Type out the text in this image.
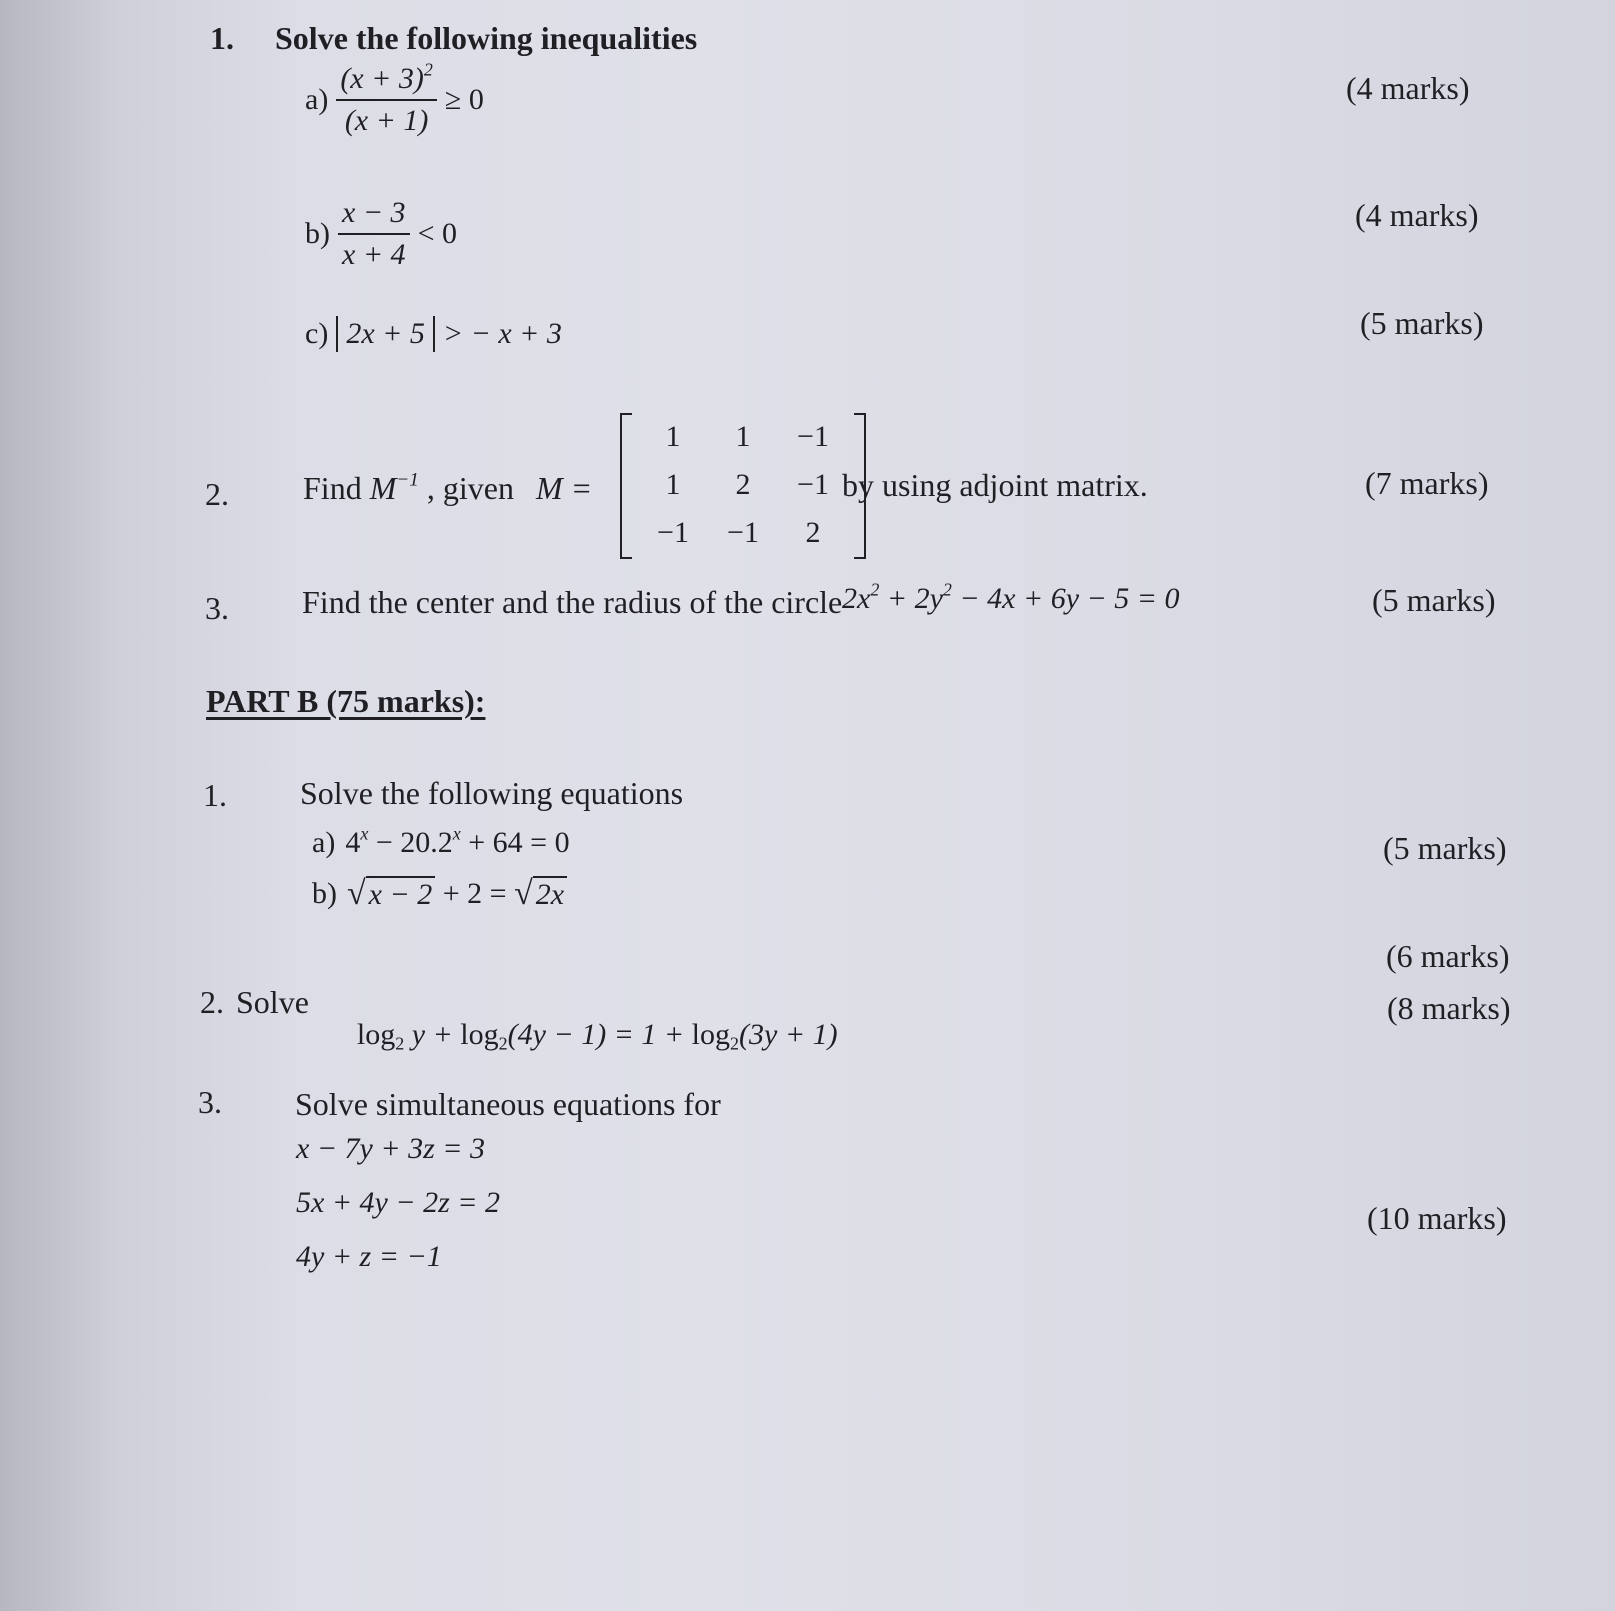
1. Solve the following inequalities
$a) \frac{(x + 3)^2}{(x + 1)} \ge 0$	(4 marks)
$b) \frac{x - 3}{x + 4} < 0$
(4 marks)
c) 2x + 5 > − x + 3	(5 marks)
2. Find $M^{-1}$ , given M =
1 1 −1
1 2 −1
−1 −1 2
by using adjoint matrix.	(7 marks)
3. Find the center and the radius of the circle $2x^2 + 2y^2 - 4x + 6y - 5 = 0$	(5 marks)
PART B (75 marks):
1. Solve the following equations
a) $4^x - 20.2^x + 64 = 0$	(5 marks)
b) √ x − 2 + 2 = √ 2x
(6 marks)
2. Solve

$\log_2 y + \log_2(4y - 1) = 1 + \log_2(3y + 1)$

(8 marks)
3. Solve simultaneous equations for
x − 7y + 3z = 3
5x + 4y − 2z = 2
4y + z = −1
(10 marks)
